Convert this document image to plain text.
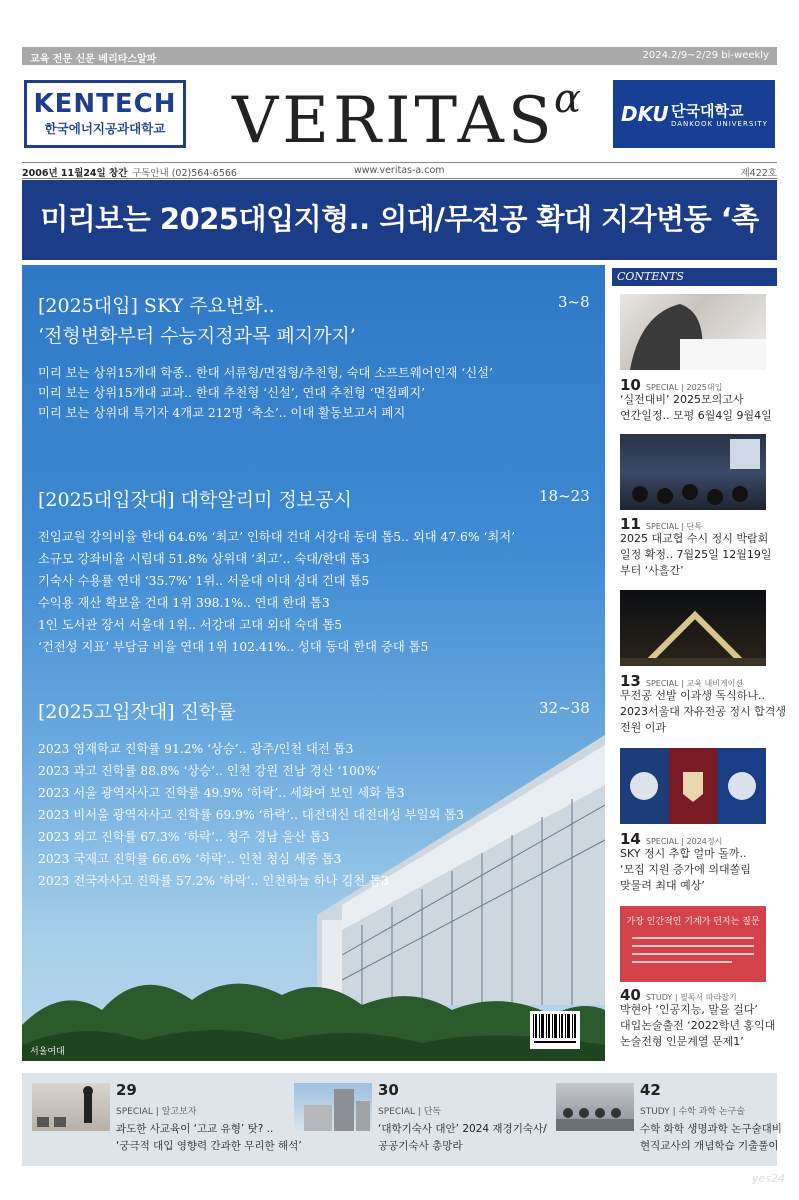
교육 전문 신문 베리타스알파	2024.2/9~2/29 bi-weekly
KENTECH
한국에너지공과대학교 VERITAS
α DKU 단국대학교
DANKOOK UNIVERSITY
2006년 11월24일 창간 구독안내 (02)564-6566	www.veritas-a.com	제422호
미리보는 2025대입지형.. 의대/무전공 확대 지각변동 ‘촉
[2025대입] SKY 주요변화..
‘전형변화부터 수능지정과목 폐지까지’
3~8
미리 보는 상위15개대 학종.. 한대 서류형/면접형/추천형, 숙대 소프트웨어인재 ‘신설’
미리 보는 상위15개대 교과.. 한대 추천형 ‘신설’, 연대 추천형 ‘면접폐지’
미리 보는 상위대 특기자 4개교 212명 ‘축소’.. 이대 활동보고서 폐지
[2025대입잣대] 대학알리미 정보공시	18~23
전임교원 강의비율 한대 64.6% ‘최고’ 인하대 건대 서강대 동대 톱5.. 외대 47.6% ‘최저’
소규모 강좌비율 시립대 51.8% 상위대 ‘최고’.. 숙대/한대 톱3
기숙사 수용률 연대 ‘35.7%’ 1위.. 서울대 이대 성대 건대 톱5
수익용 재산 확보율 건대 1위 398.1%.. 연대 한대 톱3
1인 도서관 장서 서울대 1위.. 서강대 고대 외대 숙대 톱5
‘건전성 지표’ 부담금 비율 연대 1위 102.41%.. 성대 동대 한대 중대 톱5
[2025고입잣대] 진학률	32~38
2023 영재학교 진학률 91.2% ‘상승’.. 광주/인천 대전 톱3
2023 과고 진학률 88.8% ‘상승’.. 인천 강원 전남 경산 ‘100%’
2023 서울 광역자사고 진학률 49.9% ‘하락’.. 세화여 보인 세화 톱3
2023 비서울 광역자사고 진학률 69.9% ‘하락’.. 대전대신 대전대성 부일외 톱3
2023 외고 진학률 67.3% ‘하락’.. 청주 경남 울산 톱3
2023 국제고 진학률 66.6% ‘하락’.. 인천 청심 세종 톱3
2023 전국자사고 진학률 57.2% ‘하락’.. 인천하늘 하나 김천 톱3
서울여대
CONTENTS
10 SPECIAL | 2025대입
‘실전대비’ 2025모의고사
연간일정.. 모평 6월4일 9월4일
11 SPECIAL | 단독
2025 대교협 수시 정시 박람회
일정 확정.. 7월25일 12월19일
부터 ‘사흘간’
13 SPECIAL | 교육 내비게이션
무전공 선발 이과생 독식하나..
2023서울대 자유전공 정시 합격생
전원 이과
14 SPECIAL | 2024정시
SKY 정시 추합 얼마 돌까..
‘모집 지원 증가에 의대쏠림
맞물려 최대 예상’
가장 인간적인 기계가 던지는 질문
40 STUDY | 필독서 따라잡기
박현아 ‘인공지능, 말을 걸다’
대입논술출전 ‘2022학년 홍익대
논술전형 인문계열 문제1’
29
SPECIAL | 알고보자
과도한 사교육이 ‘고교 유형’ 탓? ..
‘궁극적 대입 영향력 간과한 무리한 해석’
30
SPECIAL | 단독
‘대학기숙사 대안’ 2024 재경기숙사/
공공기숙사 총망라
42
STUDY | 수학 과학 논구술
수학 화학 생명과학 논구술대비
현직교사의 개념학습 기출풀이
yes24
